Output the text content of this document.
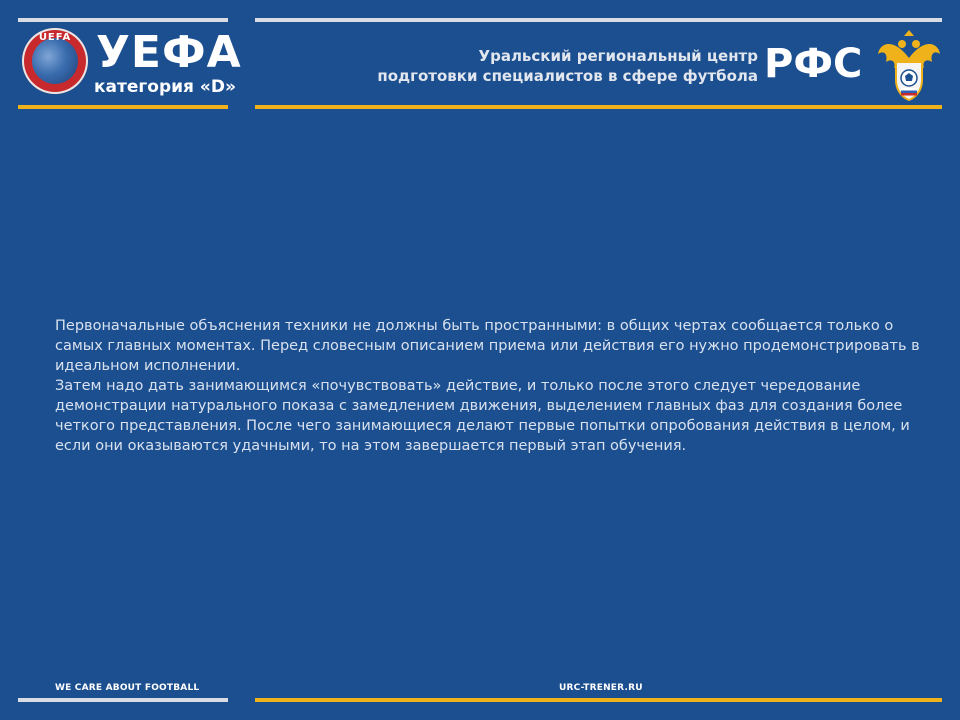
UEFA УЕФА
категория «D»
Уральский региональный центр
подготовки специалистов в сфере футбола РФС

Первоначальные объяснения техники не должны быть пространными: в общих чертах сообщается только о самых главных моментах. Перед словесным описанием приема или действия его нужно продемонстрировать в идеальном исполнении.

Затем надо дать занимающимся «почувствовать» действие, и только после этого следует чередование демонстрации натурального показа с замедлением движения, выделением главных фаз для создания более четкого представления. После чего занимающиеся делают первые попытки опробования действия в целом, и если они оказываются удачными, то на этом завершается первый этап обучения.

WE CARE ABOUT FOOTBALL	URC-TRENER.RU
